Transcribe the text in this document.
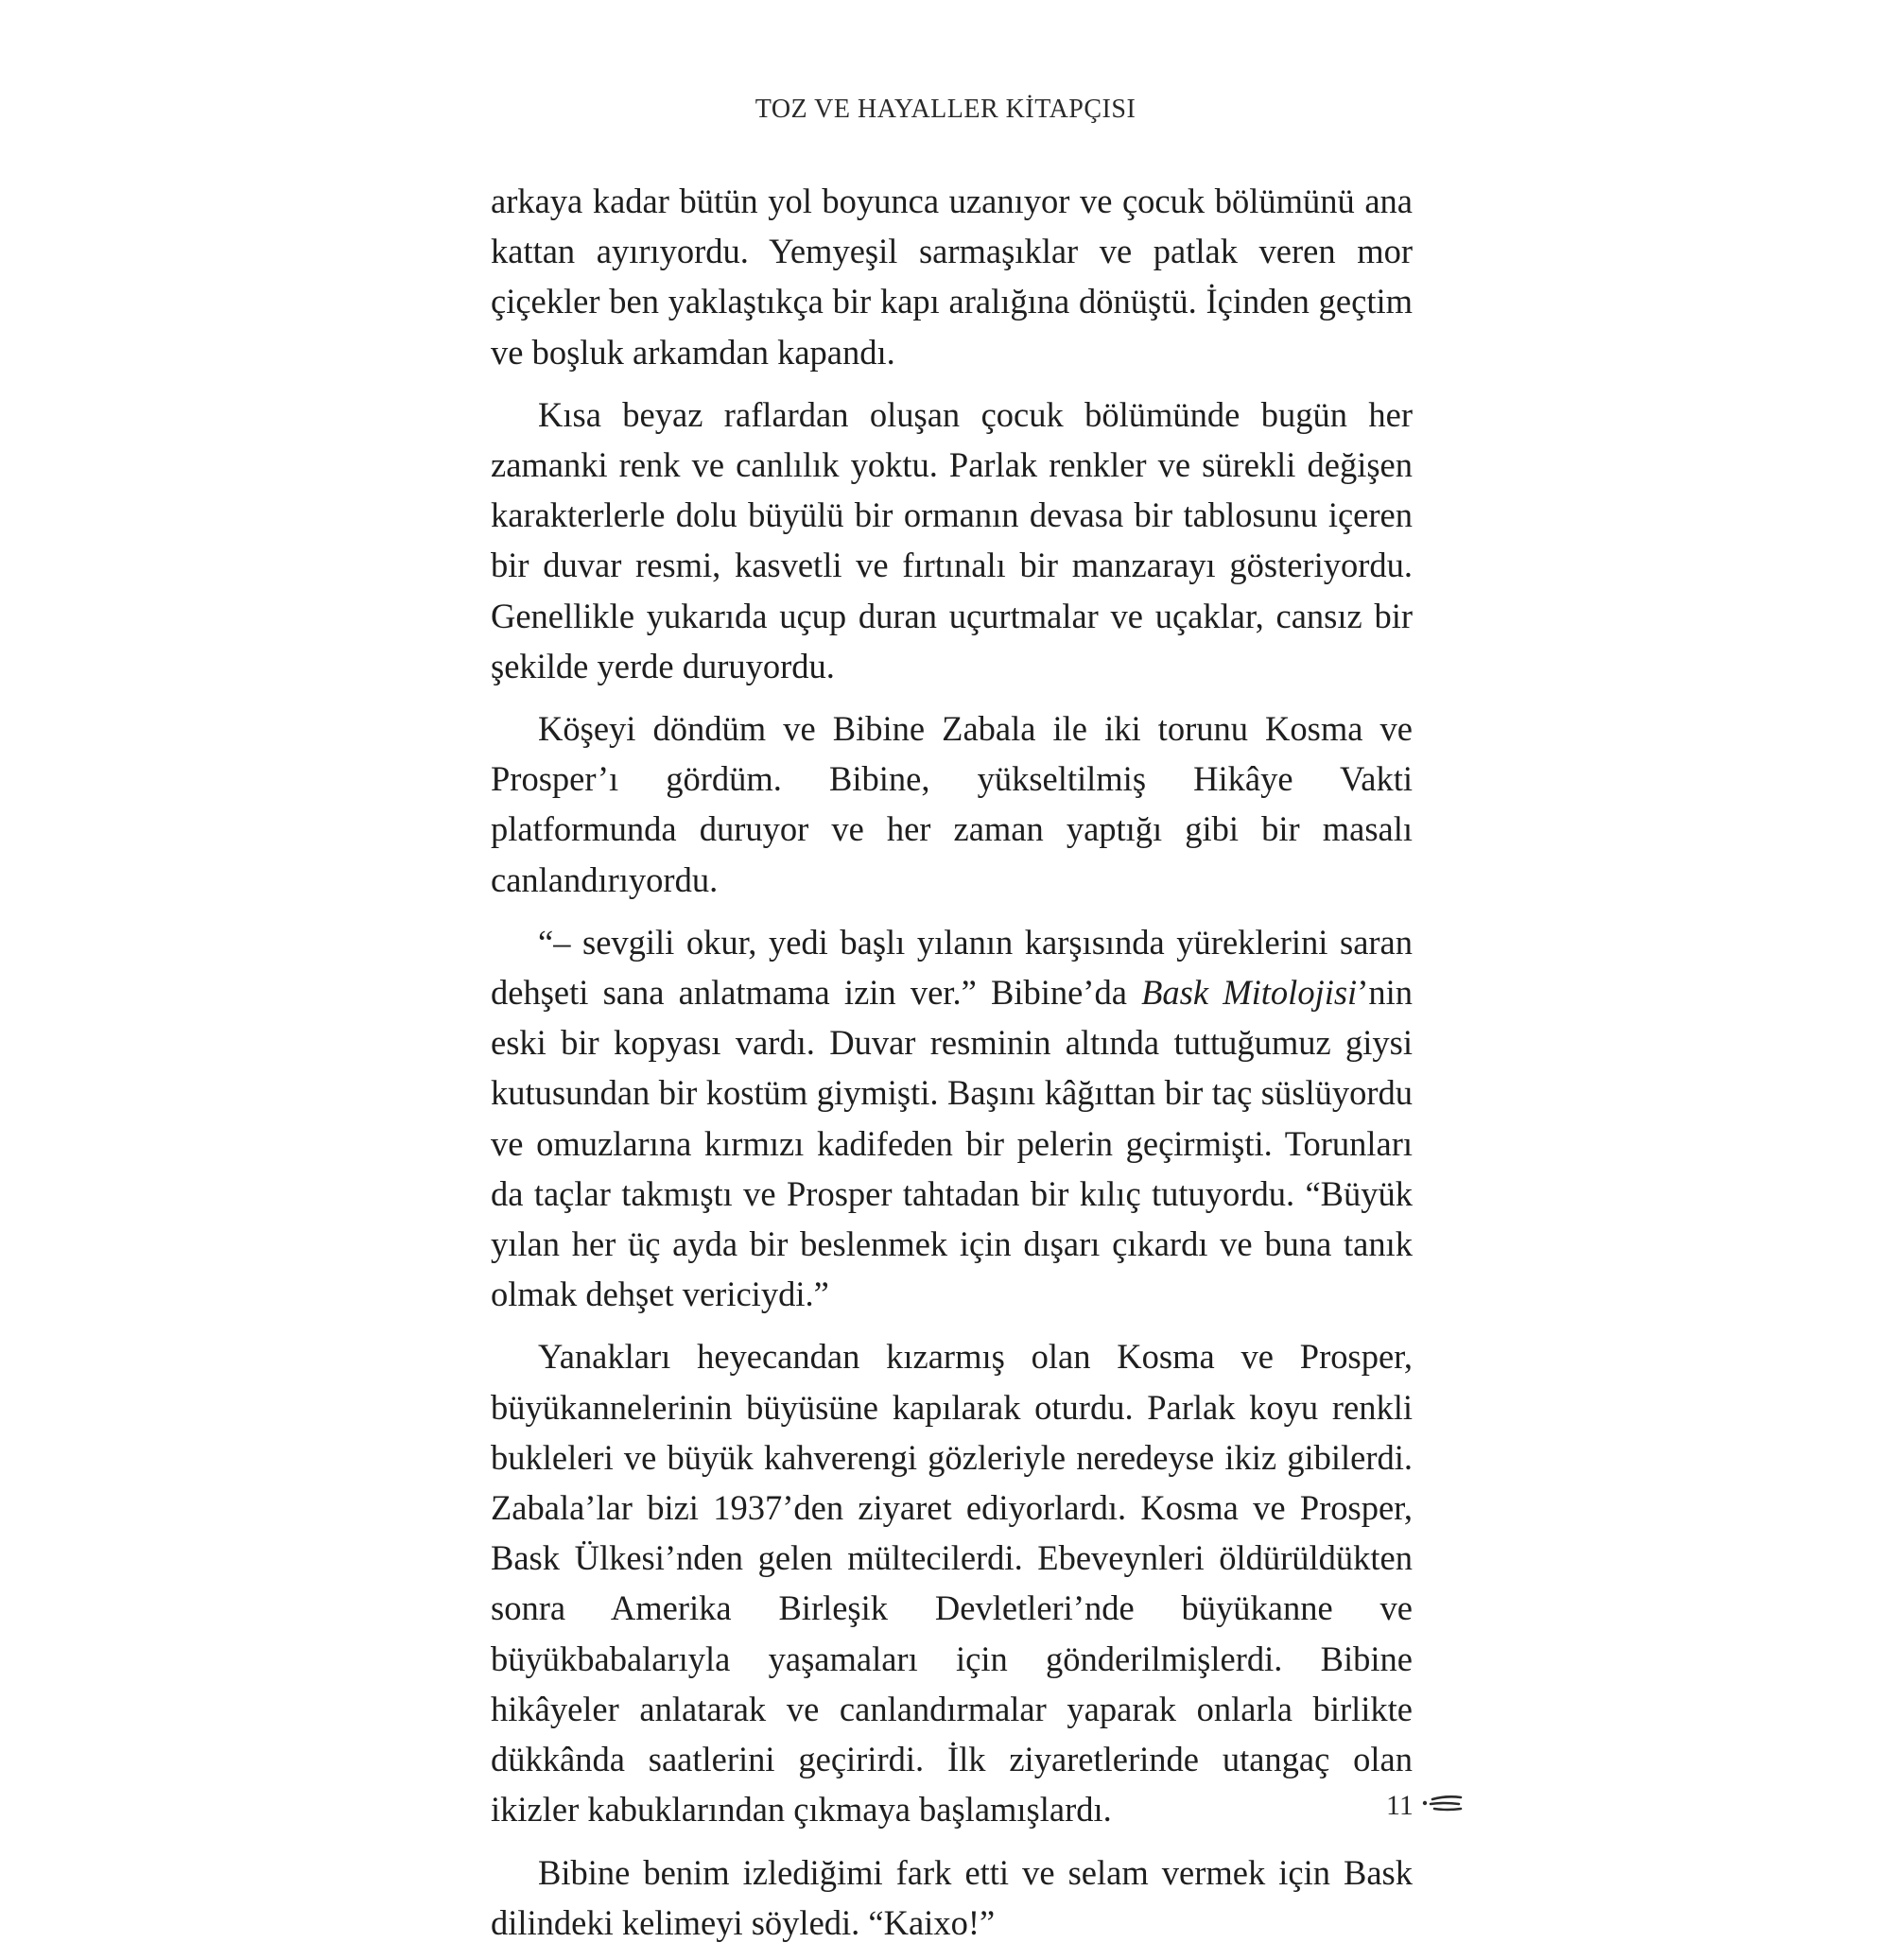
TOZ VE HAYALLER KİTAPÇISI

arkaya kadar bütün yol boyunca uzanıyor ve çocuk bölümünü ana kattan ayırıyordu. Yemyeşil sarmaşıklar ve patlak veren mor çiçekler ben yaklaştıkça bir kapı aralığına dönüştü. İçinden geçtim ve boşluk arkamdan kapandı.

Kısa beyaz raflardan oluşan çocuk bölümünde bugün her zamanki renk ve canlılık yoktu. Parlak renkler ve sürekli değişen karakterlerle dolu büyülü bir ormanın devasa bir tablosunu içeren bir duvar resmi, kasvetli ve fırtınalı bir manzarayı gösteriyordu. Genellikle yukarıda uçup duran uçurtmalar ve uçaklar, cansız bir şekilde yerde duruyordu.

Köşeyi döndüm ve Bibine Zabala ile iki torunu Kosma ve Prosper’ı gördüm. Bibine, yükseltilmiş Hikâye Vakti platformunda duruyor ve her zaman yaptığı gibi bir masalı canlandırıyordu.

“– sevgili okur, yedi başlı yılanın karşısında yüreklerini saran dehşeti sana anlatmama izin ver.” Bibine’da Bask Mitolojisi’nin eski bir kopyası vardı. Duvar resminin altında tuttuğumuz giysi kutusundan bir kostüm giymişti. Başını kâğıttan bir taç süslüyordu ve omuzlarına kırmızı kadifeden bir pelerin geçirmişti. Torunları da taçlar takmıştı ve Prosper tahtadan bir kılıç tutuyordu. “Büyük yılan her üç ayda bir beslenmek için dışarı çıkardı ve buna tanık olmak dehşet vericiydi.”

Yanakları heyecandan kızarmış olan Kosma ve Prosper, büyükannelerinin büyüsüne kapılarak oturdu. Parlak koyu renkli bukleleri ve büyük kahverengi gözleriyle neredeyse ikiz gibilerdi. Zabala’lar bizi 1937’den ziyaret ediyorlardı. Kosma ve Prosper, Bask Ülkesi’nden gelen mültecilerdi. Ebeveynleri öldürüldükten sonra Amerika Birleşik Devletleri’nde büyükanne ve büyükbabalarıyla yaşamaları için gönderilmişlerdi. Bibine hikâyeler anlatarak ve canlandırmalar yaparak onlarla birlikte dükkânda saatlerini geçirirdi. İlk ziyaretlerinde utangaç olan ikizler kabuklarından çıkmaya başlamışlardı.

Bibine benim izlediğimi fark etti ve selam vermek için Bask dilindeki kelimeyi söyledi. “Kaixo!”

11
